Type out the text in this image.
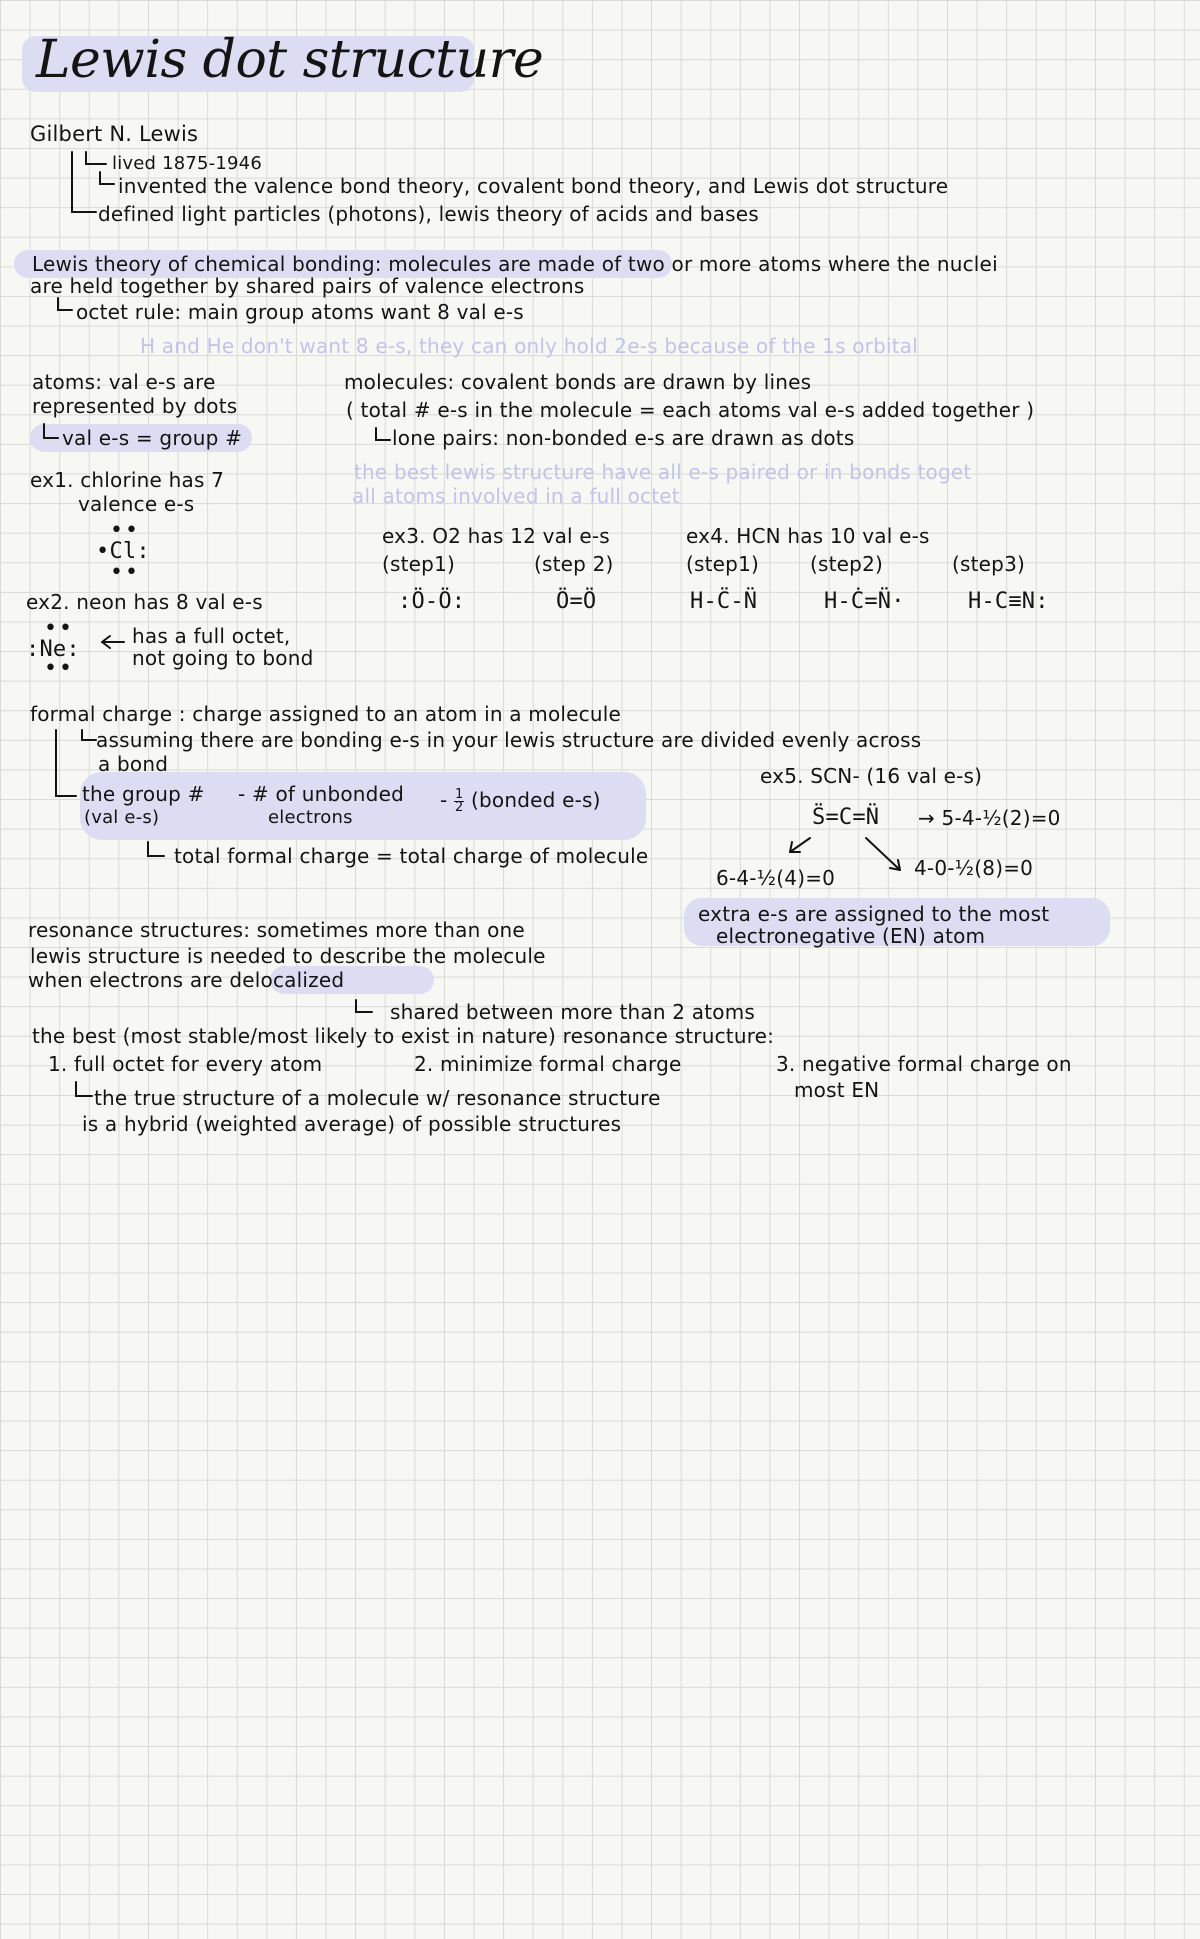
Lewis dot structure
Gilbert N. Lewis
lived 1875-1946
invented the valence bond theory, covalent bond theory, and Lewis dot structure
defined light particles (photons), lewis theory of acids and bases
Lewis theory of chemical bonding: molecules are made of two or more atoms where the nuclei
are held together by shared pairs of valence electrons
octet rule: main group atoms want 8 val e-s
H and He don't want 8 e-s, they can only hold 2e-s because of the 1s orbital
atoms: val e-s are
represented by dots
val e-s = group #
ex1. chlorine has 7
valence e-s
••
•Cl:
••
ex2. neon has 8 val e-s
••
:Ne:
••
has a full octet,
not going to bond
molecules: covalent bonds are drawn by lines
( total # e-s in the molecule = each atoms val e-s added together )
lone pairs: non-bonded e-s are drawn as dots
the best lewis structure have all e-s paired or in bonds toget
all atoms involved in a full octet
ex3. O2 has 12 val e-s
(step1)	(step 2)
:Ö-Ö:	Ö=Ö
ex4. HCN has 10 val e-s
(step1)	(step2)	(step3)
H-C̈-N̈	H-Ċ=N̈·	H-C≡N:
formal charge : charge assigned to an atom in a molecule
assuming there are bonding e-s in your lewis structure are divided evenly across
a bond
the group #
(val e-s)
- # of unbonded
electrons
- $\frac{1}{2}$ (bonded e-s)
total formal charge = total charge of molecule
ex5. SCN- (16 val e-s)
S̈=C=N̈ → 5-4-½(2)=0
6-4-½(4)=0	4-0-½(8)=0
extra e-s are assigned to the most
electronegative (EN) atom
resonance structures: sometimes more than one
lewis structure is needed to describe the molecule
when electrons are delocalized
shared between more than 2 atoms
the best (most stable/most likely to exist in nature) resonance structure:
1. full octet for every atom	2. minimize formal charge	3. negative formal charge on
most EN
the true structure of a molecule w/ resonance structure
is a hybrid (weighted average) of possible structures
